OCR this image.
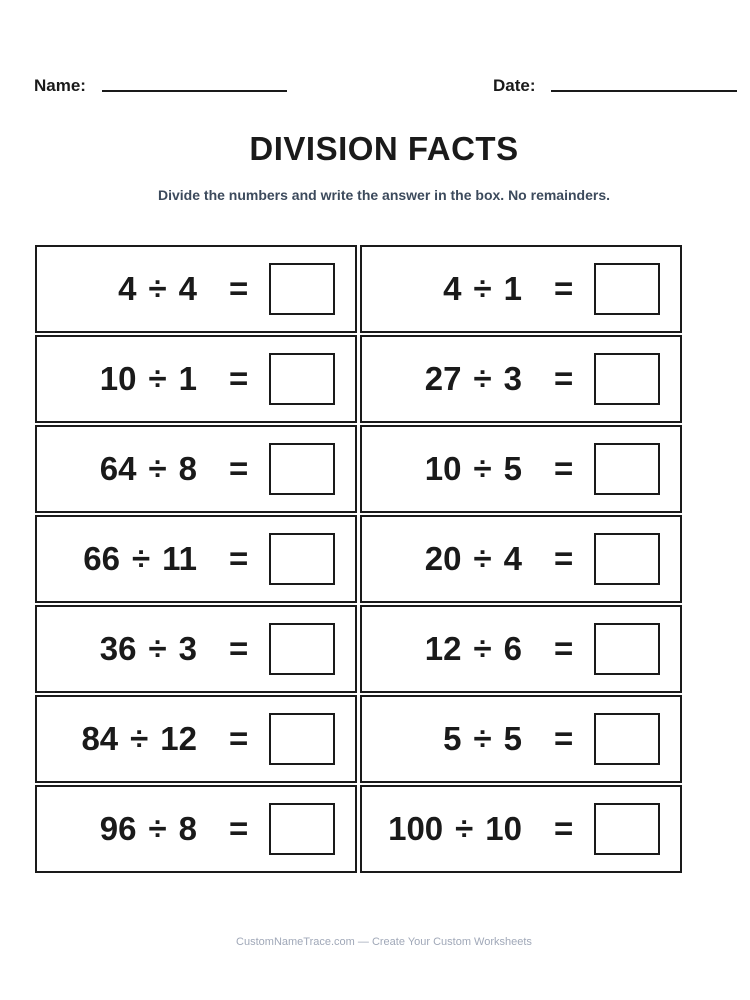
Name:	Date:
DIVISION FACTS
Divide the numbers and write the answer in the box. No remainders.
4 ÷ 4 =	4 ÷ 1 =
10 ÷ 1 =	27 ÷ 3 =
64 ÷ 8 =	10 ÷ 5 =
66 ÷ 11 =	20 ÷ 4 =
36 ÷ 3 =	12 ÷ 6 =
84 ÷ 12 =	5 ÷ 5 =
96 ÷ 8 =	100 ÷ 10 =
CustomNameTrace.com — Create Your Custom Worksheets
